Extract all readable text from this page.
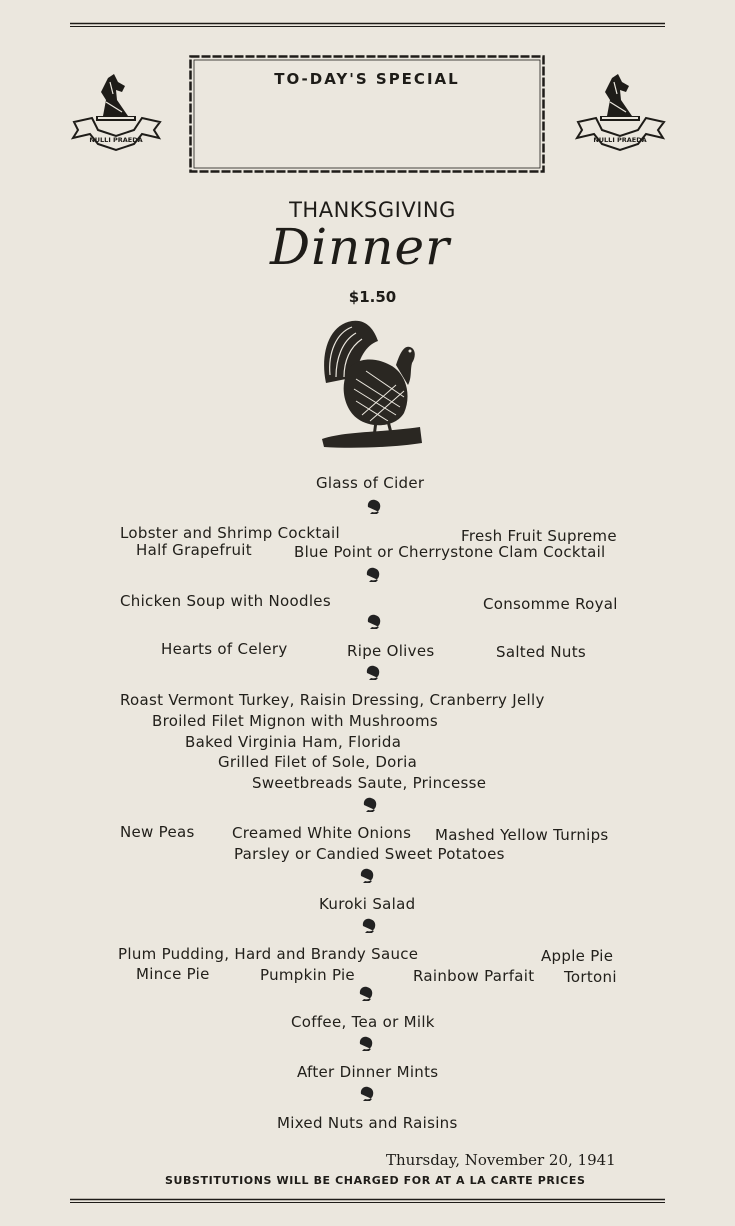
NULLI PRAEDA	NULLI PRAEDA
TO-DAY'S SPECIAL
THANKSGIVING
Dinner
$1.50
Glass of Cider
Lobster and Shrimp Cocktail	Fresh Fruit Supreme
Half Grapefruit	Blue Point or Cherrystone Clam Cocktail
Chicken Soup with Noodles	Consomme Royal
Hearts of Celery	Ripe Olives	Salted Nuts
Roast Vermont Turkey, Raisin Dressing, Cranberry Jelly
Broiled Filet Mignon with Mushrooms
Baked Virginia Ham, Florida
Grilled Filet of Sole, Doria
Sweetbreads Saute, Princesse
New Peas Creamed White Onions Mashed Yellow Turnips
Parsley or Candied Sweet Potatoes
Kuroki Salad
Plum Pudding, Hard and Brandy Sauce	Apple Pie
Mince Pie	Pumpkin Pie	Rainbow Parfait Tortoni
Coffee, Tea or Milk
After Dinner Mints
Mixed Nuts and Raisins
Thursday, November 20, 1941
SUBSTITUTIONS WILL BE CHARGED FOR AT A LA CARTE PRICES
